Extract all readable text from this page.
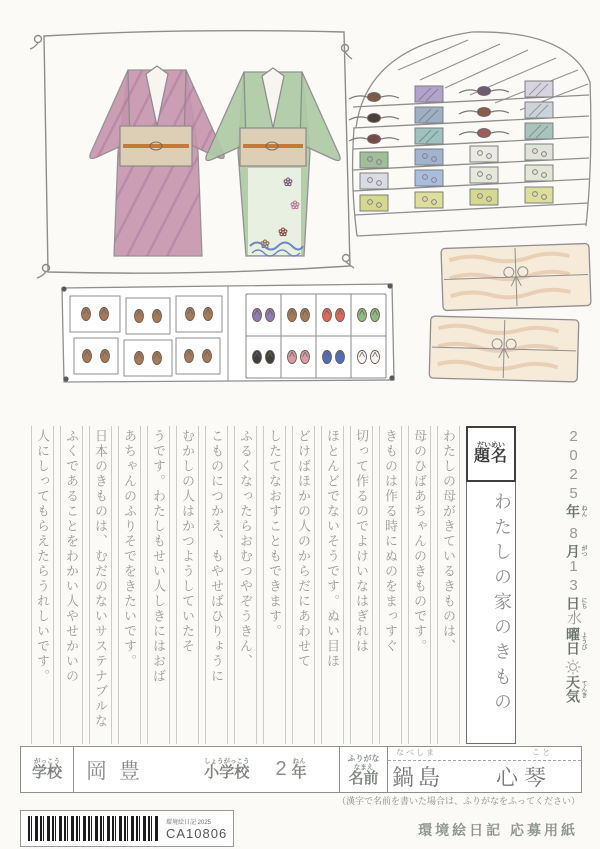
2025年 ねん8月 がつ13日 にち水曜日 ようび天気 てんき
題名だいめい
わたしの家のきもの
わたしの母がきているきものは、
母のひばあちゃんのきものです。
きものは作る時にぬのをまっすぐ
切って作るのでよけいなはぎれは
ほとんどでないそうです。ぬい目ほ
どけばほかの人のからだにあわせて
したてなおすこともできます。
ふるくなったらおむつやぞうきん、
こものにつかえ、もやせばひりょうに
むかしの人はかつようしていたそ
うです。わたしもせい人しきにはおば
あちゃんのふりそでをきたいです。
日本のきものは、むだのないサステナブルな
ふくであることをわかい人やせかいの
人にしってもらえたらうれしいです。
学校がっこう 岡豊	小学校しょうがっこう 2 年ねん	ふりがな
名前なまえ
なべしま	こと
鍋島 心琴
（漢字で名前を書いた場合は、ふりがなをふってください）
環境絵日記 2025
CA10806	環境絵日記 応募用紙
